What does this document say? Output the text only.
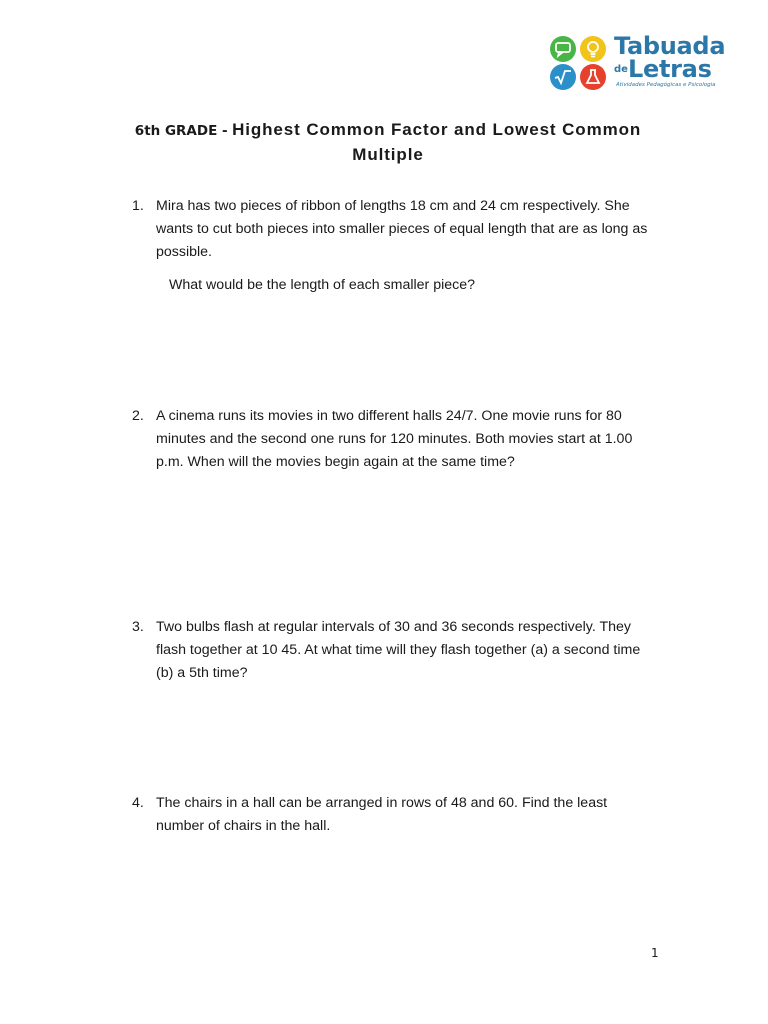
Tabuada
de Letras
Atividades Pedagógicas e Psicologia
6th GRADE - Highest Common Factor and Lowest Common Multiple
1. Mira has two pieces of ribbon of lengths 18 cm and 24 cm respectively. She wants to cut both pieces into smaller pieces of equal length that are as long as possible.
What would be the length of each smaller piece?
2. A cinema runs its movies in two different halls 24/7. One movie runs for 80 minutes and the second one runs for 120 minutes. Both movies start at 1.00 p.m. When will the movies begin again at the same time?
3. Two bulbs flash at regular intervals of 30 and 36 seconds respectively. They flash together at 10 45. At what time will they flash together (a) a second time (b) a 5th time?
4. The chairs in a hall can be arranged in rows of 48 and 60. Find the least number of chairs in the hall.
1
